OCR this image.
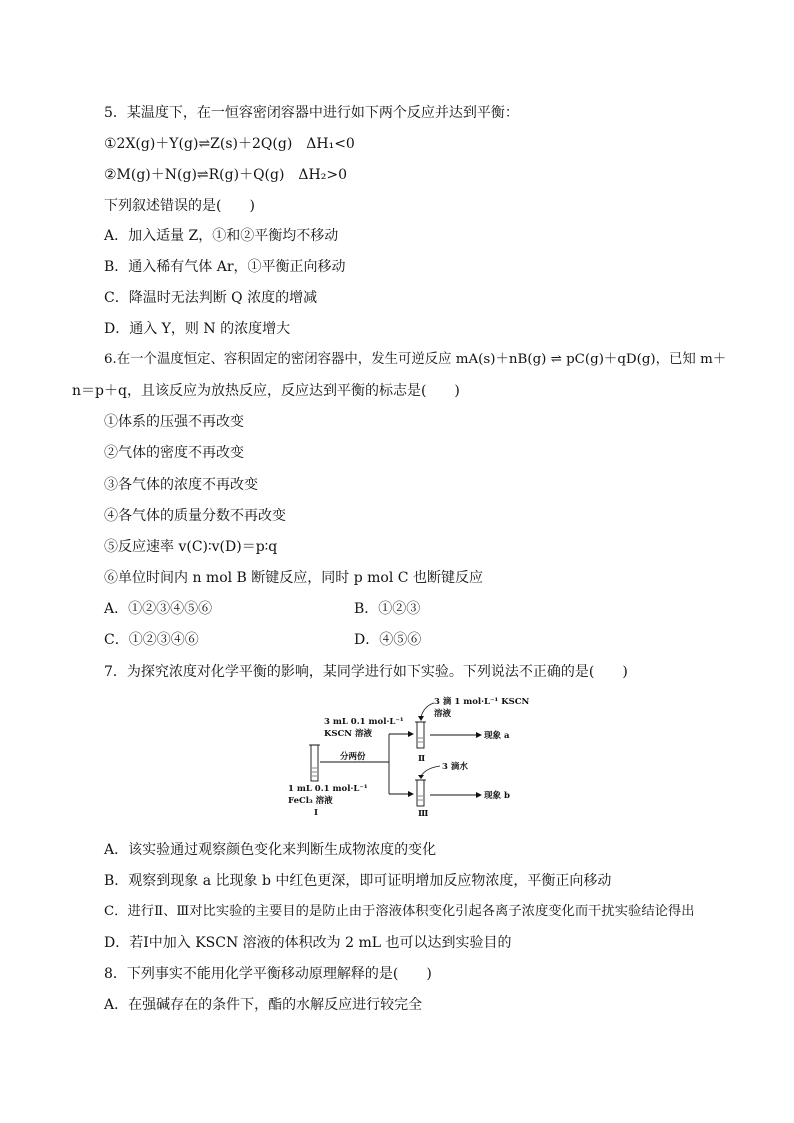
5．某温度下，在一恒容密闭容器中进行如下两个反应并达到平衡：
①2X(g)＋Y(g)⇌Z(s)＋2Q(g)　ΔH₁<0
②M(g)＋N(g)⇌R(g)＋Q(g)　ΔH₂>0
下列叙述错误的是(　　)
A．加入适量 Z，①和②平衡均不移动
B．通入稀有气体 Ar，①平衡正向移动
C．降温时无法判断 Q 浓度的增减
D．通入 Y，则 N 的浓度增大
6.在一个温度恒定、容积固定的密闭容器中，发生可逆反应 mA(s)＋nB(g) ⇌ pC(g)＋qD(g)，已知 m＋
n＝p＋q，且该反应为放热反应，反应达到平衡的标志是(　　)
①体系的压强不再改变
②气体的密度不再改变
③各气体的浓度不再改变
④各气体的质量分数不再改变
⑤反应速率 v(C)∶v(D)＝p∶q
⑥单位时间内 n mol B 断键反应，同时 p mol C 也断键反应
A．①②③④⑤⑥	B．①②③
C．①②③④⑥	D．④⑤⑥
7．为探究浓度对化学平衡的影响，某同学进行如下实验。下列说法不正确的是(　　)
3 mL 0.1 mol·L⁻¹
KSCN 溶液
3 滴 1 mol·L⁻¹ KSCN
溶液
分两份
3 滴水
1 mL 0.1 mol·L⁻¹
FeCl₃ 溶液
Ⅰ
Ⅱ
Ⅲ
现象 a
现象 b
A．该实验通过观察颜色变化来判断生成物浓度的变化
B．观察到现象 a 比现象 b 中红色更深，即可证明增加反应物浓度，平衡正向移动
C．进行Ⅱ、Ⅲ对比实验的主要目的是防止由于溶液体积变化引起各离子浓度变化而干扰实验结论得出
D．若Ⅰ中加入 KSCN 溶液的体积改为 2 mL 也可以达到实验目的
8．下列事实不能用化学平衡移动原理解释的是(　　)
A．在强碱存在的条件下，酯的水解反应进行较完全
